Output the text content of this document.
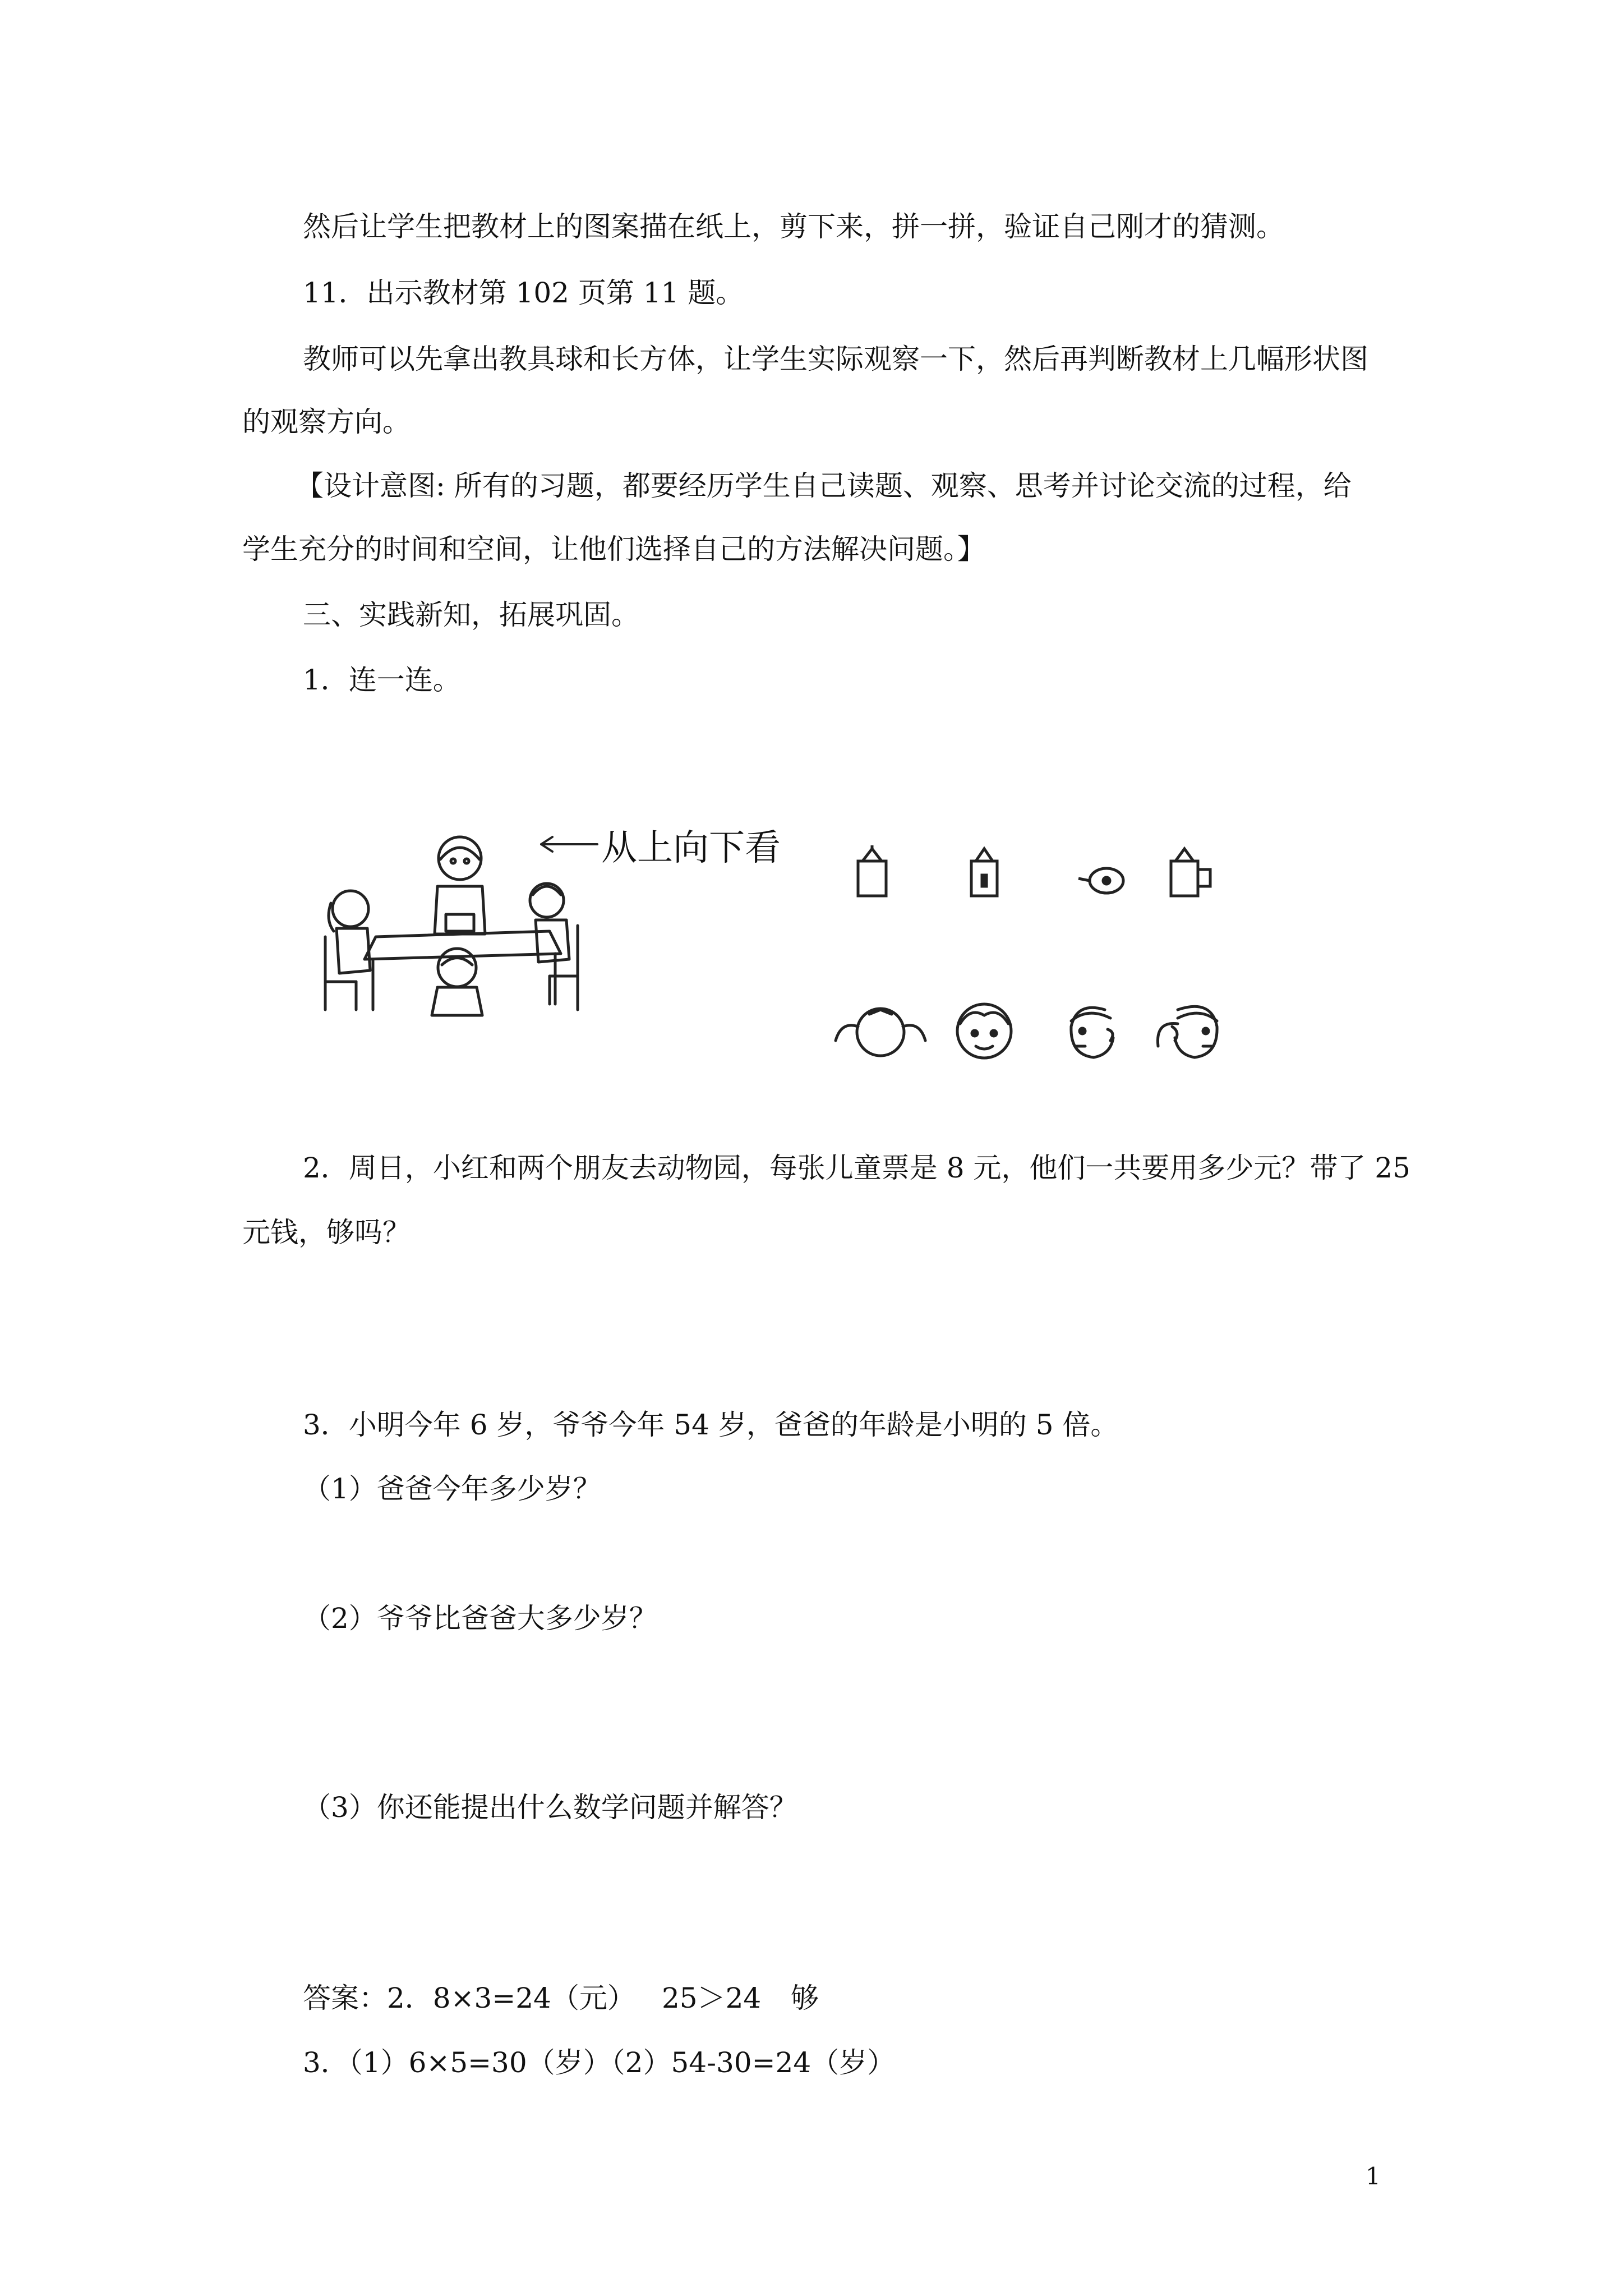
然后让学生把教材上的图案描在纸上，剪下来，拼一拼，验证自己刚才的猜测。
11．出示教材第 102 页第 11 题。
教师可以先拿出教具球和长方体，让学生实际观察一下，然后再判断教材上几幅形状图
的观察方向。
【设计意图: 所有的习题，都要经历学生自己读题、观察、思考并讨论交流的过程，给
学生充分的时间和空间，让他们选择自己的方法解决问题。】
三、实践新知，拓展巩固。
1．连一连。
从上向下看
2．周日，小红和两个朋友去动物园，每张儿童票是 8 元，他们一共要用多少元？带了 25
元钱，够吗？
3．小明今年 6 岁，爷爷今年 54 岁，爸爸的年龄是小明的 5 倍。
（1）爸爸今年多少岁？
（2）爷爷比爸爸大多少岁？
（3）你还能提出什么数学问题并解答？
答案：2．8×3=24（元） 25＞24 够
3．（1）6×5=30（岁）（2）54-30=24（岁）
1
